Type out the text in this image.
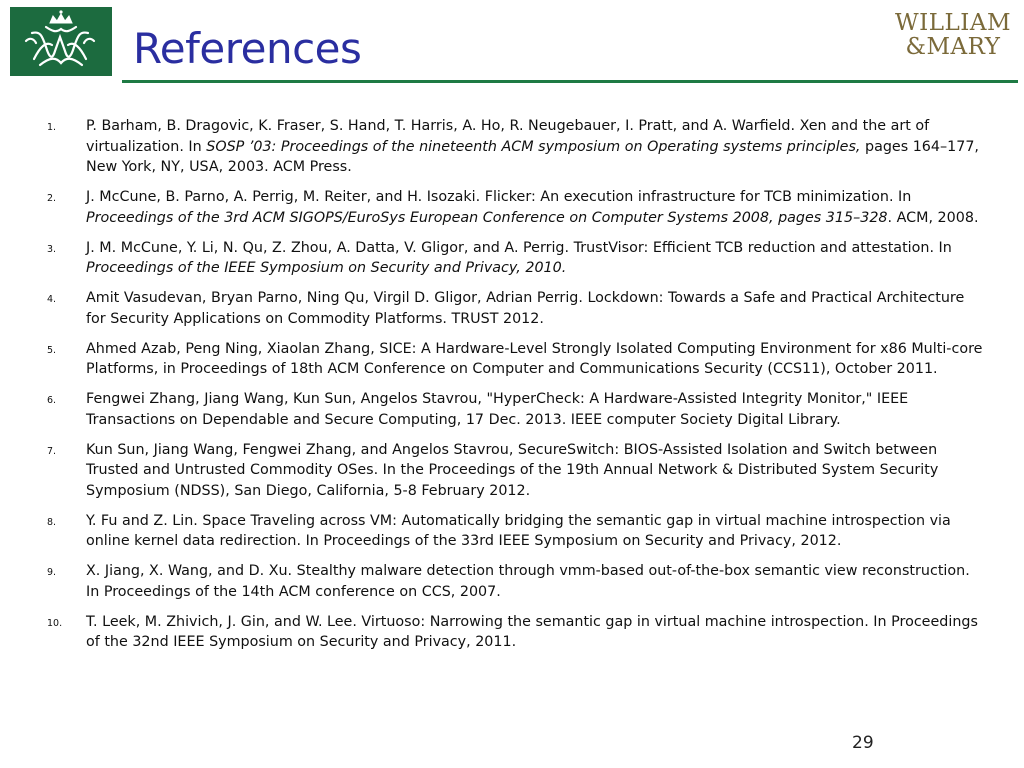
References
WILLIAM
&MARY
1. P. Barham, B. Dragovic, K. Fraser, S. Hand, T. Harris, A. Ho, R. Neugebauer, I. Pratt, and A. Warfield. Xen and the art of virtualization. In SOSP ’03: Proceedings of the nineteenth ACM symposium on Operating systems principles, pages 164–177, New York, NY, USA, 2003. ACM Press.
2. J. McCune, B. Parno, A. Perrig, M. Reiter, and H. Isozaki. Flicker: An execution infrastructure for TCB minimization. In Proceedings of the 3rd ACM SIGOPS/EuroSys European Conference on Computer Systems 2008, pages 315–328. ACM, 2008.
3. J. M. McCune, Y. Li, N. Qu, Z. Zhou, A. Datta, V. Gligor, and A. Perrig. TrustVisor: Efficient TCB reduction and attestation. In Proceedings of the IEEE Symposium on Security and Privacy, 2010.
4. Amit Vasudevan, Bryan Parno, Ning Qu, Virgil D. Gligor, Adrian Perrig. Lockdown: Towards a Safe and Practical Architecture for Security Applications on Commodity Platforms. TRUST 2012.
5. Ahmed Azab, Peng Ning, Xiaolan Zhang, SICE: A Hardware-Level Strongly Isolated Computing Environment for x86 Multi-core Platforms, in Proceedings of 18th ACM Conference on Computer and Communications Security (CCS11), October 2011.
6. Fengwei Zhang, Jiang Wang, Kun Sun, Angelos Stavrou, "HyperCheck: A Hardware-Assisted Integrity Monitor," IEEE Transactions on Dependable and Secure Computing, 17 Dec. 2013. IEEE computer Society Digital Library.
7. Kun Sun, Jiang Wang, Fengwei Zhang, and Angelos Stavrou, SecureSwitch: BIOS-Assisted Isolation and Switch between Trusted and Untrusted Commodity OSes. In the Proceedings of the 19th Annual Network & Distributed System Security Symposium (NDSS), San Diego, California, 5-8 February 2012.
8. Y. Fu and Z. Lin. Space Traveling across VM: Automatically bridging the semantic gap in virtual machine introspection via online kernel data redirection. In Proceedings of the 33rd IEEE Symposium on Security and Privacy, 2012.
9. X. Jiang, X. Wang, and D. Xu. Stealthy malware detection through vmm-based out-of-the-box semantic view reconstruction. In Proceedings of the 14th ACM conference on CCS, 2007.
10. T. Leek, M. Zhivich, J. Gin, and W. Lee. Virtuoso: Narrowing the semantic gap in virtual machine introspection. In Proceedings of the 32nd IEEE Symposium on Security and Privacy, 2011.
29
